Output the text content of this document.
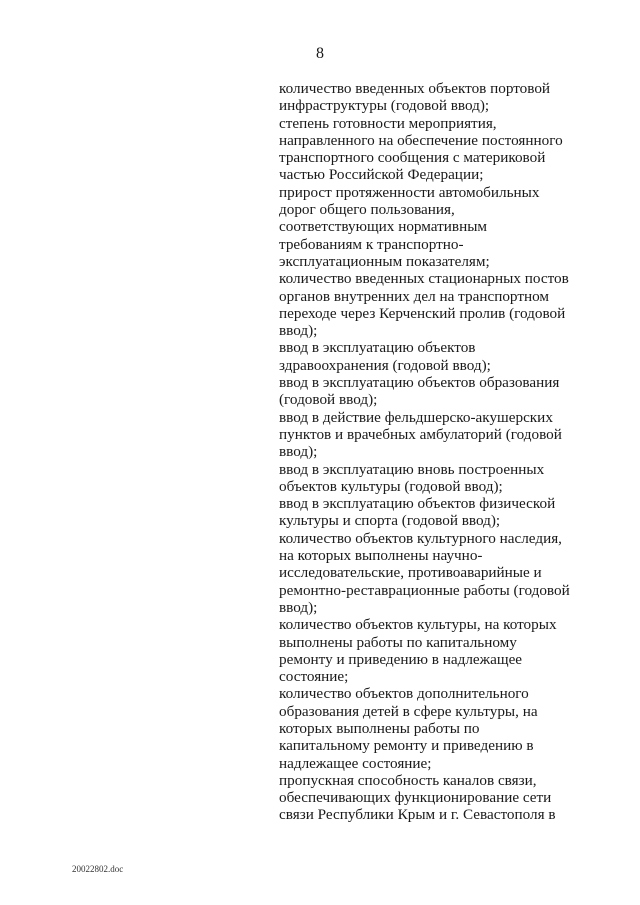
8
количество введенных объектов портовой
инфраструктуры (годовой ввод);
степень готовности мероприятия,
направленного на обеспечение постоянного
транспортного сообщения с материковой
частью Российской Федерации;
прирост протяженности автомобильных
дорог общего пользования,
соответствующих нормативным
требованиям к транспортно-
эксплуатационным показателям;
количество введенных стационарных постов
органов внутренних дел на транспортном
переходе через Керченский пролив (годовой
ввод);
ввод в эксплуатацию объектов
здравоохранения (годовой ввод);
ввод в эксплуатацию объектов образования
(годовой ввод);
ввод в действие фельдшерско-акушерских
пунктов и врачебных амбулаторий (годовой
ввод);
ввод в эксплуатацию вновь построенных
объектов культуры (годовой ввод);
ввод в эксплуатацию объектов физической
культуры и спорта (годовой ввод);
количество объектов культурного наследия,
на которых выполнены научно-
исследовательские, противоаварийные и
ремонтно-реставрационные работы (годовой
ввод);
количество объектов культуры, на которых
выполнены работы по капитальному
ремонту и приведению в надлежащее
состояние;
количество объектов дополнительного
образования детей в сфере культуры, на
которых выполнены работы по
капитальному ремонту и приведению в
надлежащее состояние;
пропускная способность каналов связи,
обеспечивающих функционирование сети
связи Республики Крым и г. Севастополя в
20022802.doc
